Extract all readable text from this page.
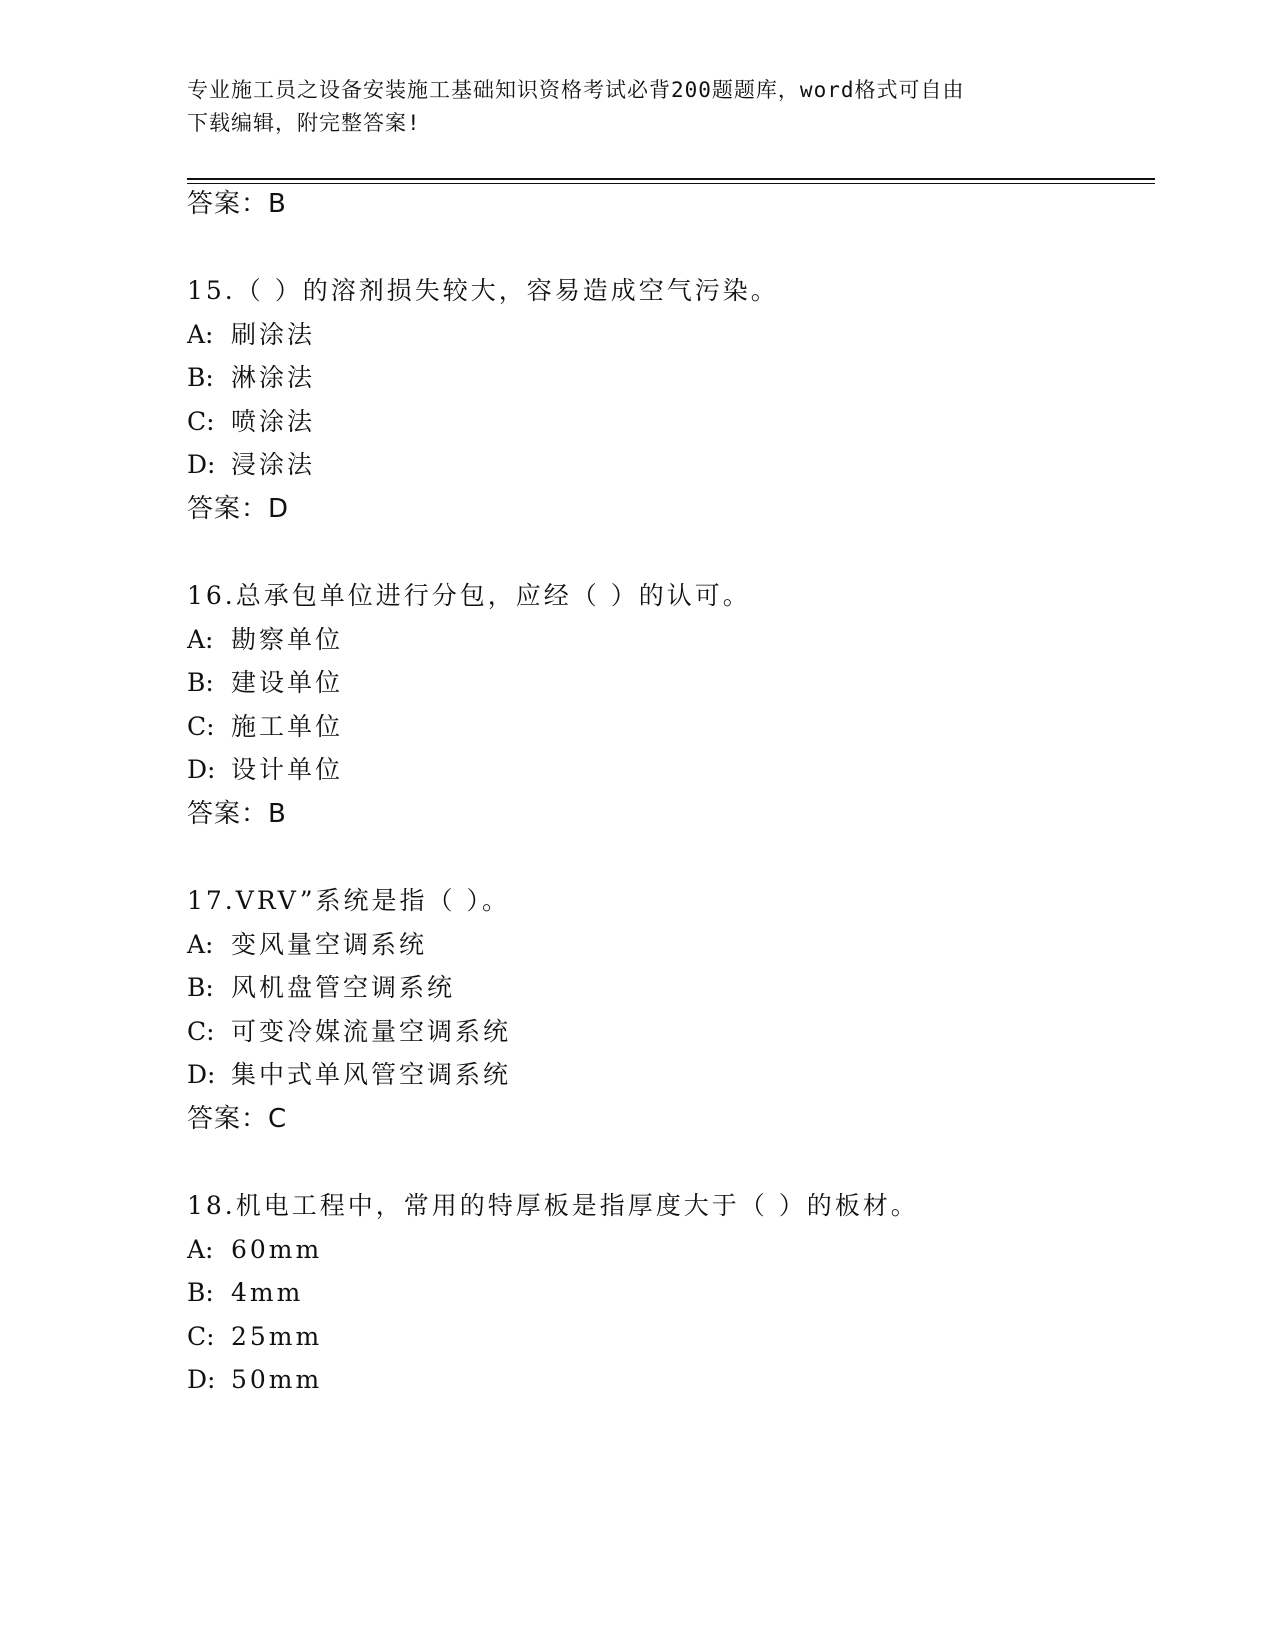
专业施工员之设备安装施工基础知识资格考试必背200题题库，word格式可自由
下载编辑，附完整答案!
答案：B
15.（ ）的溶剂损失较大，容易造成空气污染。
A: 刷涂法
B: 淋涂法
C: 喷涂法
D: 浸涂法
答案：D
16.总承包单位进行分包，应经（ ）的认可。
A: 勘察单位
B: 建设单位
C: 施工单位
D: 设计单位
答案：B
17.VRV”系统是指（ ）。
A: 变风量空调系统
B: 风机盘管空调系统
C: 可变冷媒流量空调系统
D: 集中式单风管空调系统
答案：C
18.机电工程中，常用的特厚板是指厚度大于（ ）的板材。
A: 60mm
B: 4mm
C: 25mm
D: 50mm
